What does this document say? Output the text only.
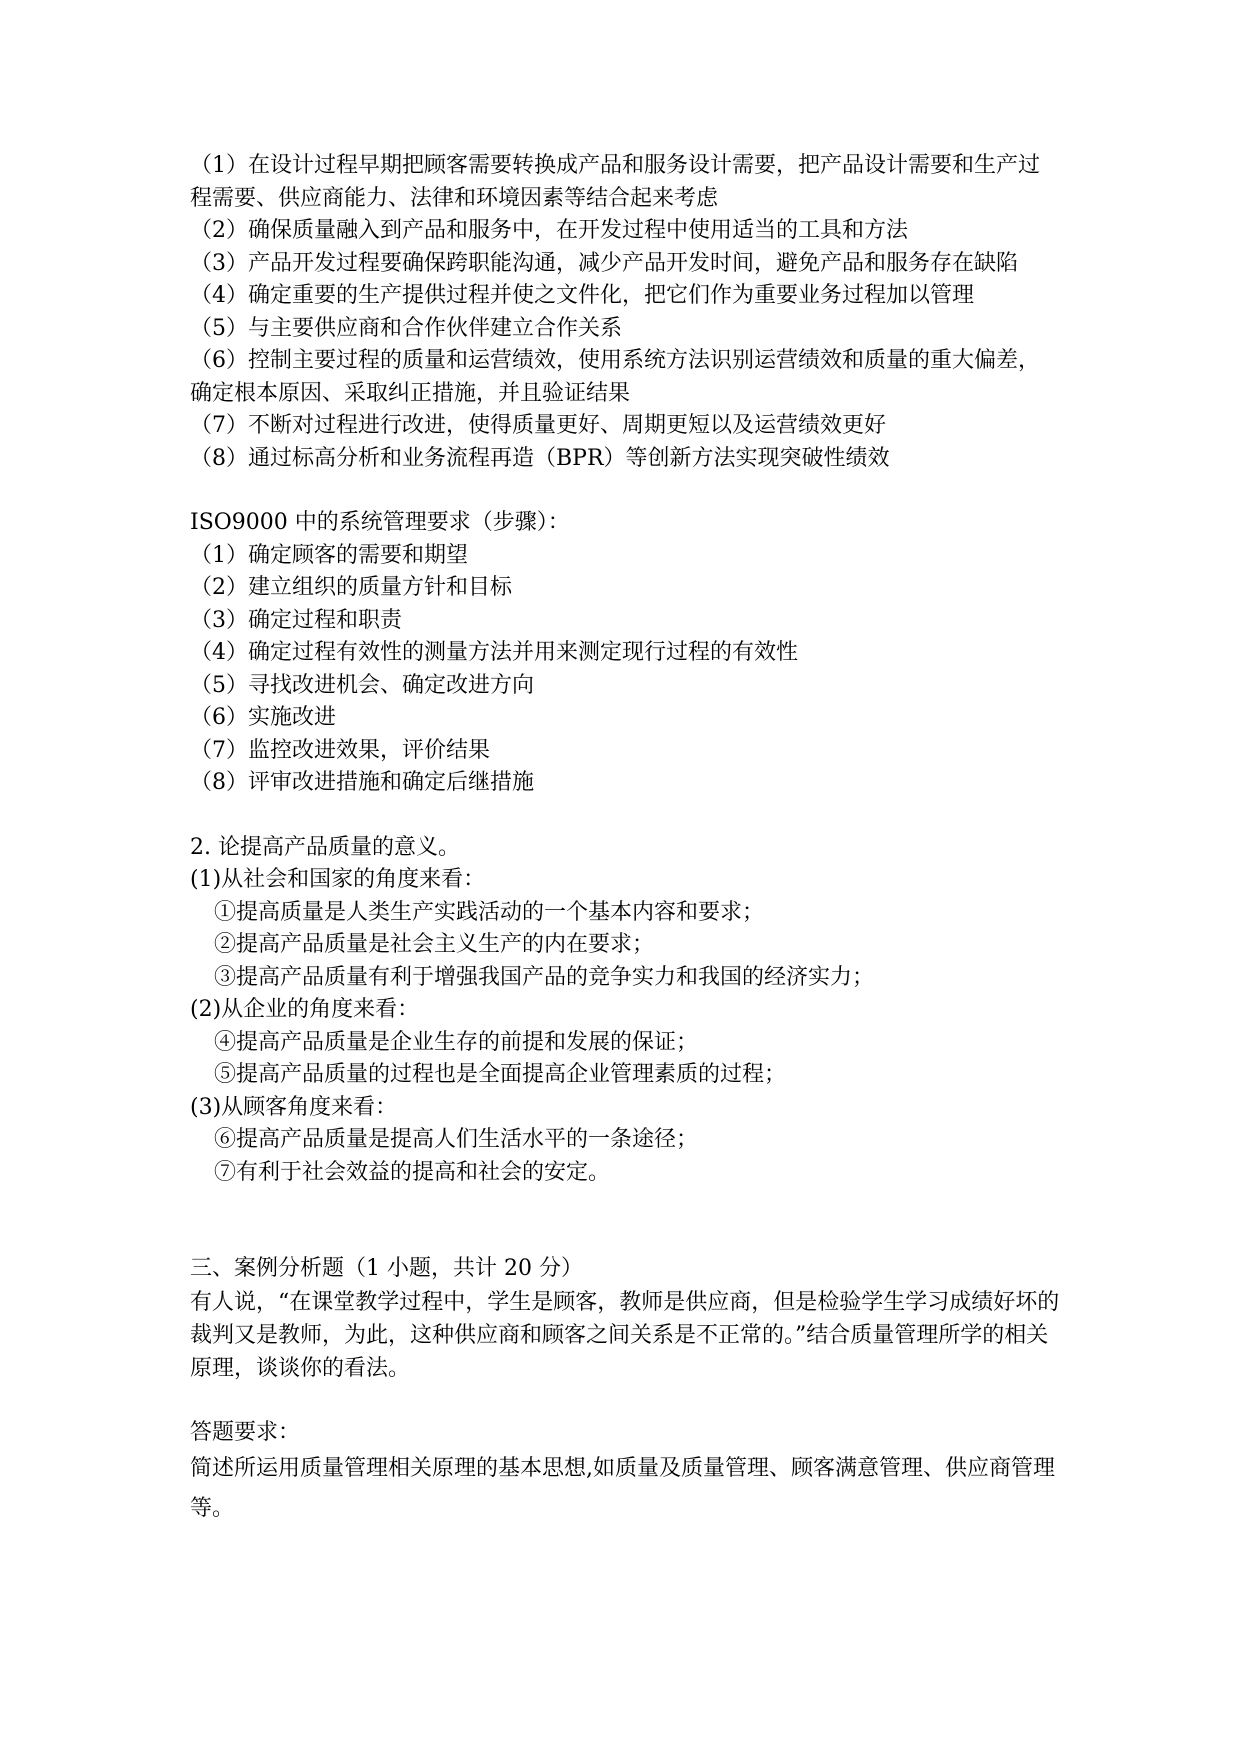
（1）在设计过程早期把顾客需要转换成产品和服务设计需要，把产品设计需要和生产过程需要、供应商能力、法律和环境因素等结合起来考虑
（2）确保质量融入到产品和服务中，在开发过程中使用适当的工具和方法
（3）产品开发过程要确保跨职能沟通，减少产品开发时间，避免产品和服务存在缺陷
（4）确定重要的生产提供过程并使之文件化，把它们作为重要业务过程加以管理
（5）与主要供应商和合作伙伴建立合作关系
（6）控制主要过程的质量和运营绩效，使用系统方法识别运营绩效和质量的重大偏差，确定根本原因、采取纠正措施，并且验证结果
（7）不断对过程进行改进，使得质量更好、周期更短以及运营绩效更好
（8）通过标高分析和业务流程再造（BPR）等创新方法实现突破性绩效
ISO9000 中的系统管理要求（步骤）：
（1）确定顾客的需要和期望
（2）建立组织的质量方针和目标
（3）确定过程和职责
（4）确定过程有效性的测量方法并用来测定现行过程的有效性
（5）寻找改进机会、确定改进方向
（6）实施改进
（7）监控改进效果，评价结果
（8）评审改进措施和确定后继措施
2. 论提高产品质量的意义。
(1)从社会和国家的角度来看：
①提高质量是人类生产实践活动的一个基本内容和要求；
②提高产品质量是社会主义生产的内在要求；
③提高产品质量有利于增强我国产品的竞争实力和我国的经济实力；
(2)从企业的角度来看：
④提高产品质量是企业生存的前提和发展的保证；
⑤提高产品质量的过程也是全面提高企业管理素质的过程；
(3)从顾客角度来看：
⑥提高产品质量是提高人们生活水平的一条途径；
⑦有利于社会效益的提高和社会的安定。
三、案例分析题（1 小题，共计 20 分）
有人说，“在课堂教学过程中，学生是顾客，教师是供应商，但是检验学生学习成绩好坏的裁判又是教师，为此，这种供应商和顾客之间关系是不正常的。”结合质量管理所学的相关原理，谈谈你的看法。
答题要求：
简述所运用质量管理相关原理的基本思想,如质量及质量管理、顾客满意管理、供应商管理等。
